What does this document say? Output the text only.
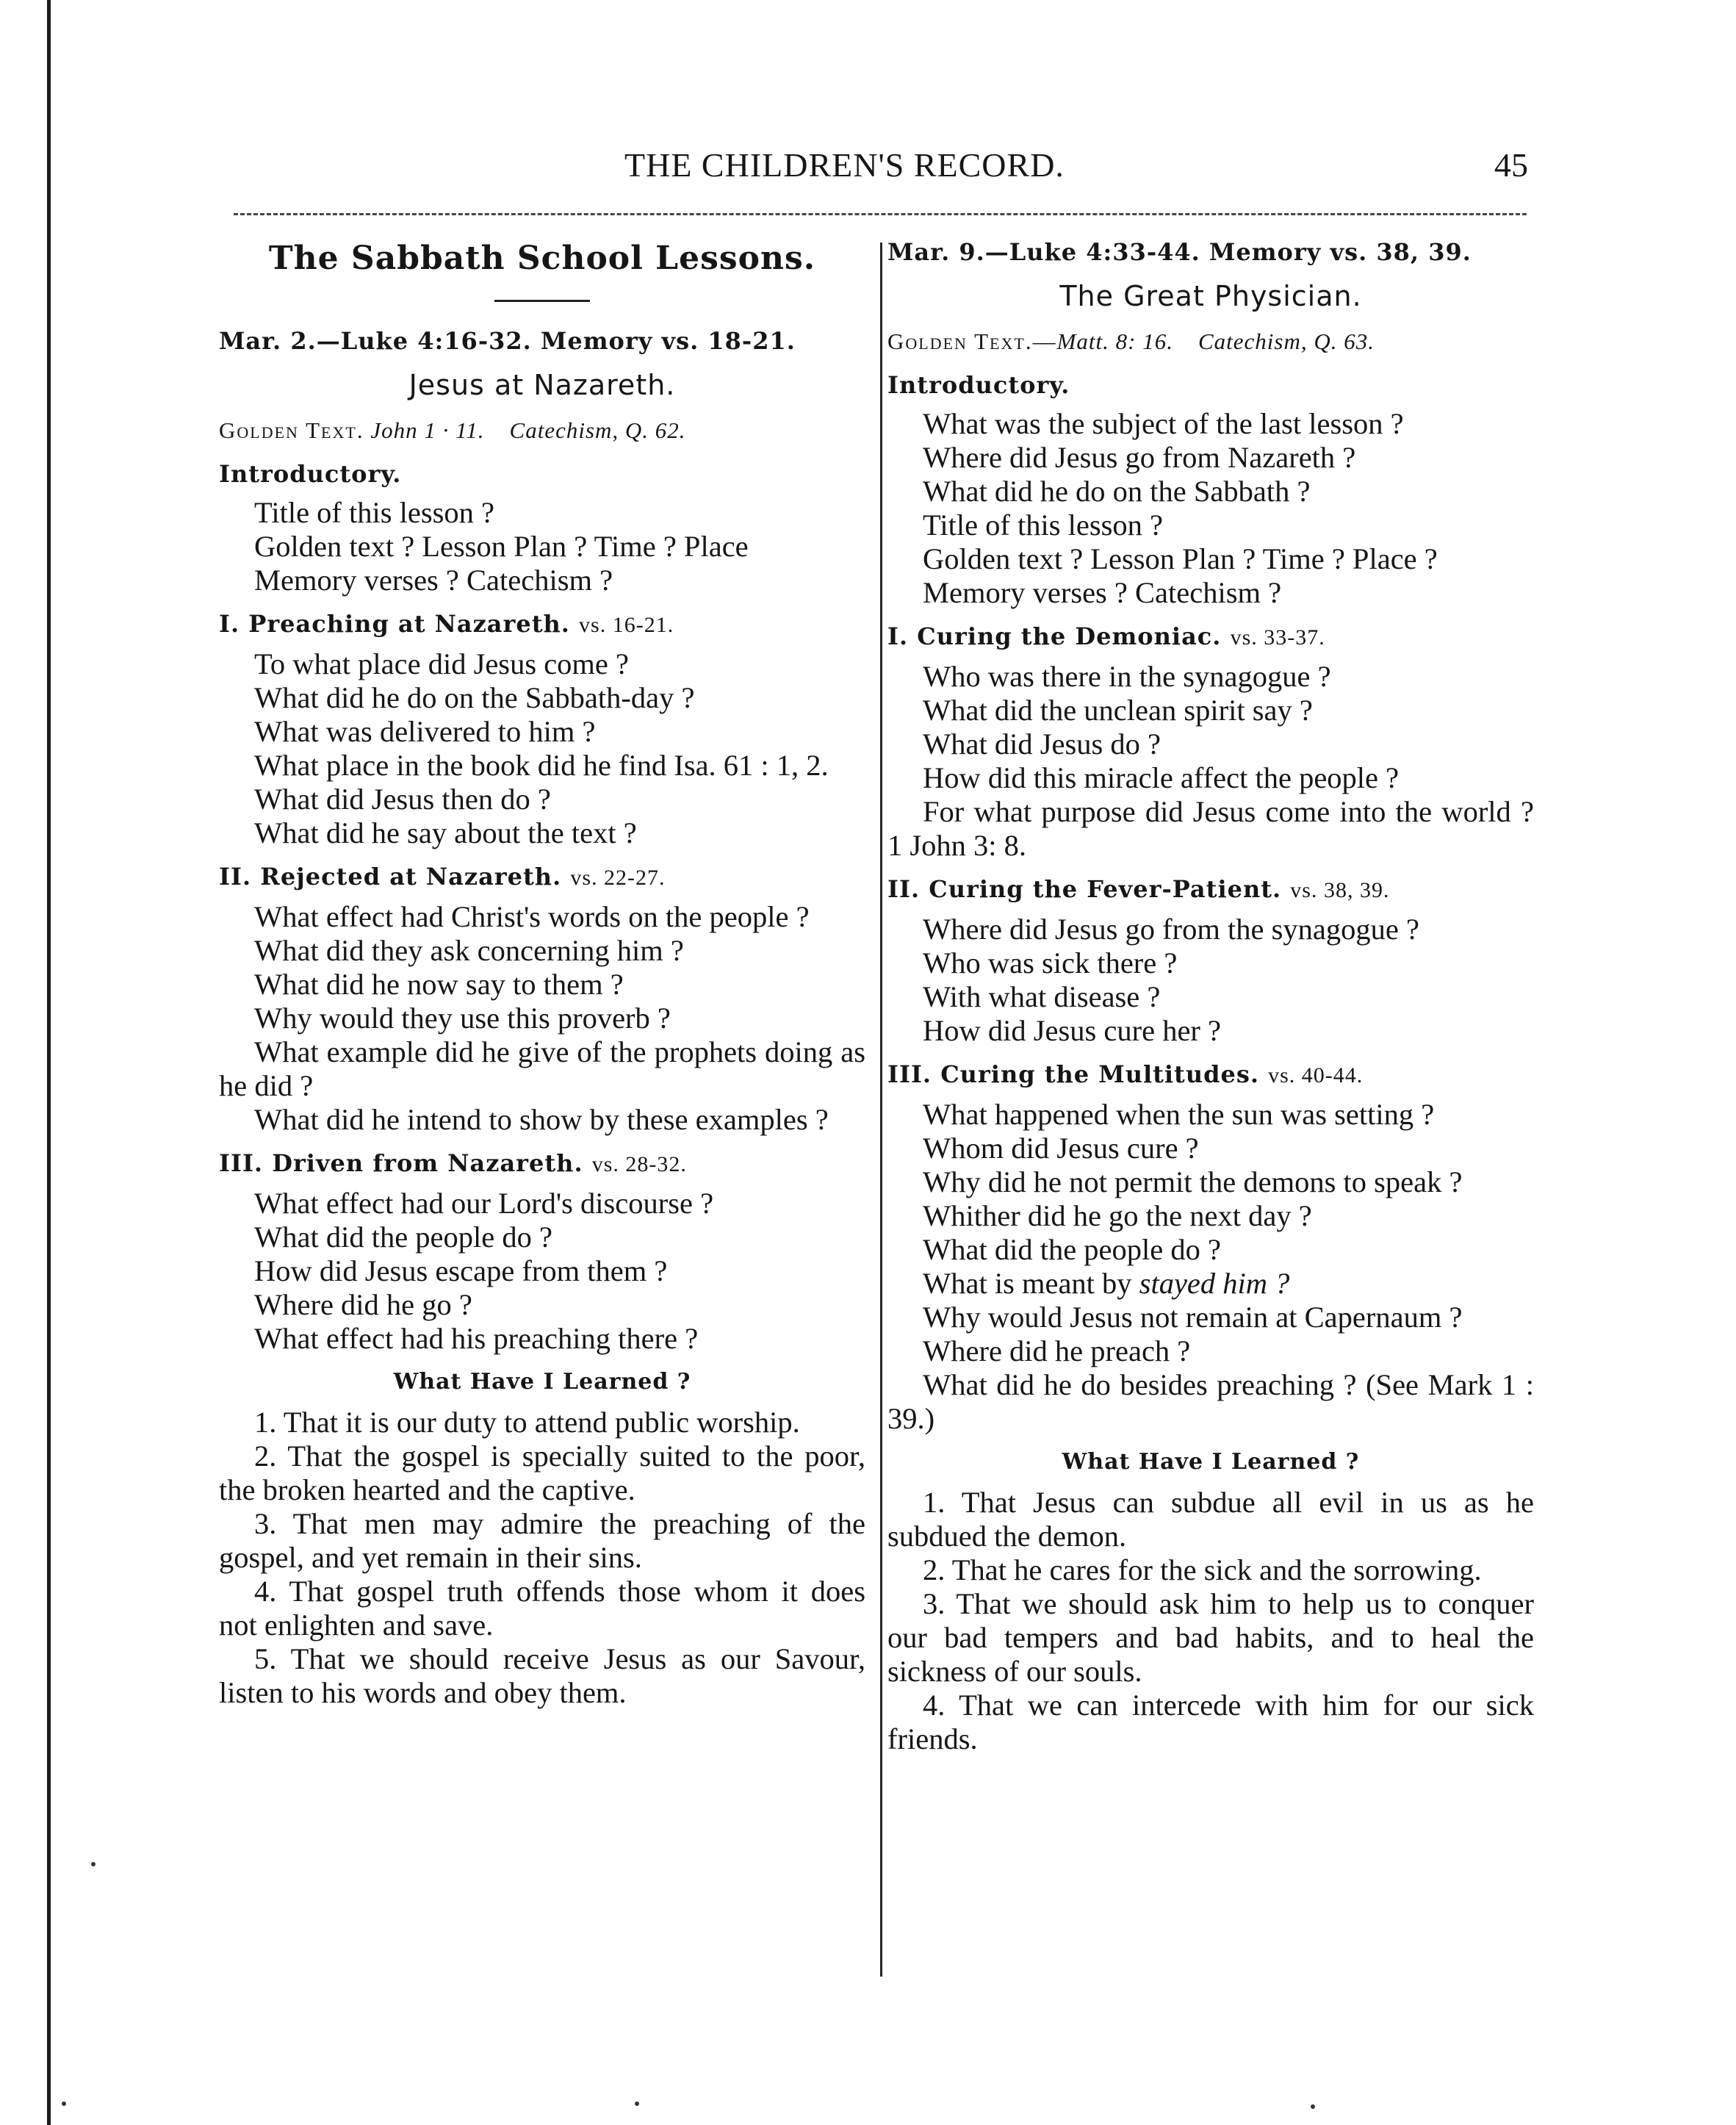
THE CHILDREN'S RECORD.	45
The Sabbath School Lessons.
Mar. 2.—Luke 4:16-32. Memory vs. 18-21.
Jesus at Nazareth.
Golden Text. John 1 · 11. Catechism, Q. 62.
Introductory.
Title of this lesson ?
Golden text ? Lesson Plan ? Time ? Place
Memory verses ? Catechism ?
I. Preaching at Nazareth. vs. 16-21.
To what place did Jesus come ?
What did he do on the Sabbath-day ?
What was delivered to him ?
What place in the book did he find Isa. 61 : 1, 2.
What did Jesus then do ?
What did he say about the text ?
II. Rejected at Nazareth. vs. 22-27.
What effect had Christ's words on the people ?
What did they ask concerning him ?
What did he now say to them ?
Why would they use this proverb ?
What example did he give of the prophets doing as he did ?
What did he intend to show by these examples ?
III. Driven from Nazareth. vs. 28-32.
What effect had our Lord's discourse ?
What did the people do ?
How did Jesus escape from them ?
Where did he go ?
What effect had his preaching there ?
What Have I Learned ?
1. That it is our duty to attend public worship.
2. That the gospel is specially suited to the poor, the broken hearted and the captive.
3. That men may admire the preaching of the gospel, and yet remain in their sins.
4. That gospel truth offends those whom it does not enlighten and save.
5. That we should receive Jesus as our Savour, listen to his words and obey them.
Mar. 9.—Luke 4:33-44. Memory vs. 38, 39.
The Great Physician.
Golden Text.—Matt. 8: 16. Catechism, Q. 63.
Introductory.
What was the subject of the last lesson ?
Where did Jesus go from Nazareth ?
What did he do on the Sabbath ?
Title of this lesson ?
Golden text ? Lesson Plan ? Time ? Place ?
Memory verses ? Catechism ?
I. Curing the Demoniac. vs. 33-37.
Who was there in the synagogue ?
What did the unclean spirit say ?
What did Jesus do ?
How did this miracle affect the people ?
For what purpose did Jesus come into the world ? 1 John 3: 8.
II. Curing the Fever-Patient. vs. 38, 39.
Where did Jesus go from the synagogue ?
Who was sick there ?
With what disease ?
How did Jesus cure her ?
III. Curing the Multitudes. vs. 40-44.
What happened when the sun was setting ?
Whom did Jesus cure ?
Why did he not permit the demons to speak ?
Whither did he go the next day ?
What did the people do ?
What is meant by stayed him ?
Why would Jesus not remain at Capernaum ?
Where did he preach ?
What did he do besides preaching ? (See Mark 1 : 39.)
What Have I Learned ?
1. That Jesus can subdue all evil in us as he subdued the demon.
2. That he cares for the sick and the sorrowing.
3. That we should ask him to help us to conquer our bad tempers and bad habits, and to heal the sickness of our souls.
4. That we can intercede with him for our sick friends.
